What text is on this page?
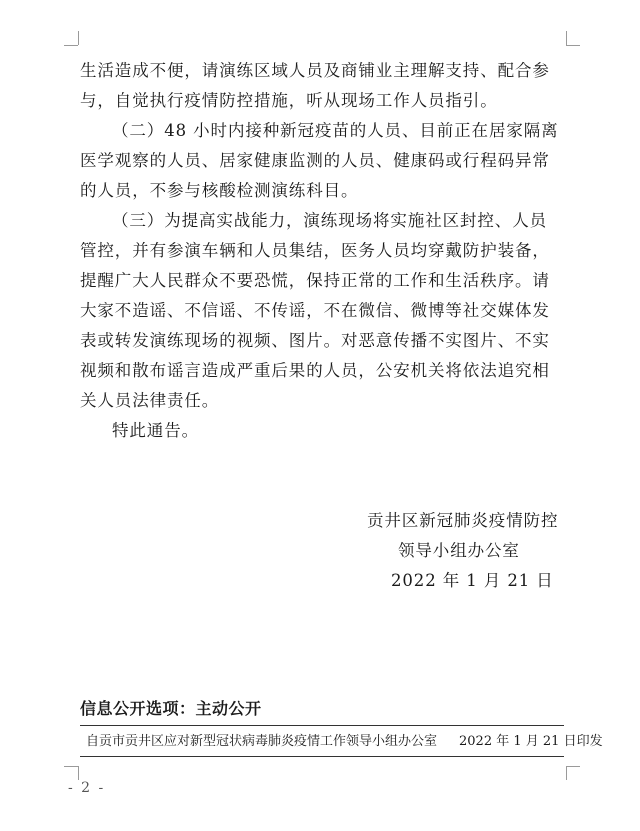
生活造成不便，请演练区域人员及商铺业主理解支持、配合参
与，自觉执行疫情防控措施，听从现场工作人员指引。
（二）48 小时内接种新冠疫苗的人员、目前正在居家隔离
医学观察的人员、居家健康监测的人员、健康码或行程码异常
的人员，不参与核酸检测演练科目。
（三）为提高实战能力，演练现场将实施社区封控、人员
管控，并有参演车辆和人员集结，医务人员均穿戴防护装备，
提醒广大人民群众不要恐慌，保持正常的工作和生活秩序。请
大家不造谣、不信谣、不传谣，不在微信、微博等社交媒体发
表或转发演练现场的视频、图片。对恶意传播不实图片、不实
视频和散布谣言造成严重后果的人员，公安机关将依法追究相
关人员法律责任。
特此通告。
贡井区新冠肺炎疫情防控
领导小组办公室
2022 年 1 月 21 日
信息公开选项：主动公开
自贡市贡井区应对新型冠状病毒肺炎疫情工作领导小组办公室 2022 年 1 月 21 日印发
- 2 -
